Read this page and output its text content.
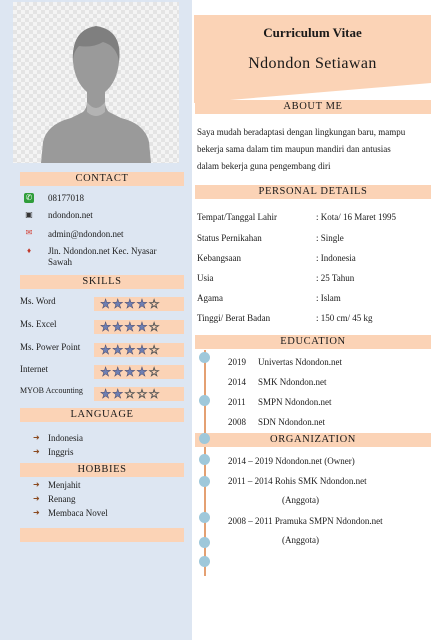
CONTACT
✆ 08177018
▣ ndondon.net
✉ admin@ndondon.net
♦	Jln. Ndondon.net Kec. Nyasar
Sawah
SKILLS
Ms. Word	★★★★☆
Ms. Excel	★★★★☆
Ms. Power Point	★★★★☆
Internet	★★★★☆
MYOB Accounting	★★☆☆☆
LANGUAGE
➜ Indonesia
➜ Inggris
HOBBIES
➜ Menjahit
➜ Renang
➜ Membaca Novel
Curriculum Vitae
Ndondon Setiawan
ABOUT ME
Saya mudah beradaptasi dengan lingkungan baru, mampu
bekerja sama dalam tim maupun mandiri dan antusias
dalam bekerja guna pengembang diri
PERSONAL DETAILS
Tempat/Tanggal Lahir	: Kota/ 16 Maret 1995
Status Pernikahan	: Single
Kebangsaan	: Indonesia
Usia	: 25 Tahun
Agama	: Islam
Tinggi/ Berat Badan	: 150 cm/ 45 kg
EDUCATION
2019 Univertas Ndondon.net
2014 SMK Ndondon.net
2011 SMPN Ndondon.net
2008 SDN Ndondon.net
ORGANIZATION
2014 – 2019 Ndondon.net (Owner)
2011 – 2014 Rohis SMK Ndondon.net
(Anggota)
2008 – 2011 Pramuka SMPN Ndondon.net
(Anggota)
